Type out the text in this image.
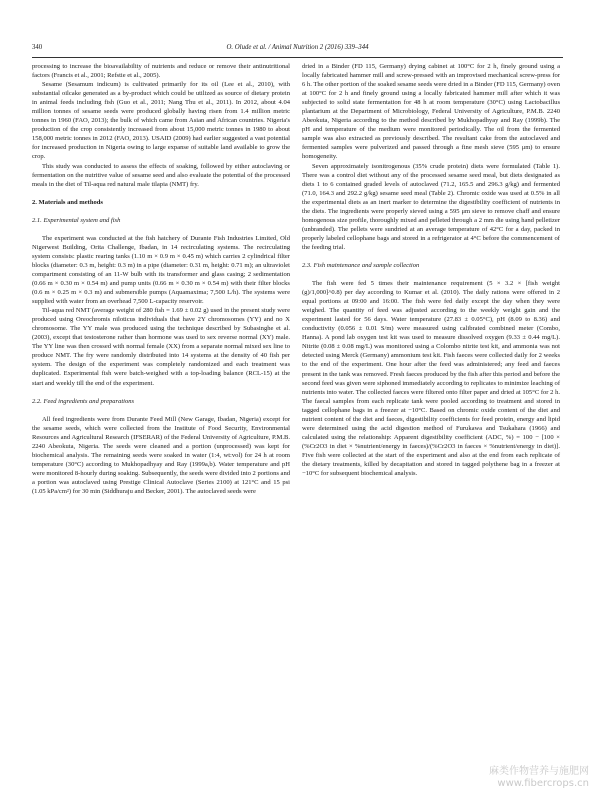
340	O. Olude et al. / Animal Nutrition 2 (2016) 339–344

processing to increase the bioavailability of nutrients and reduce or remove their antinutritional factors (Francis et al., 2001; Refstie et al., 2005).

Sesame (Sesamum indicum) is cultivated primarily for its oil (Lee et al., 2010), with substantial oilcake generated as a by-product which could be utilized as source of dietary protein in animal feeds including fish (Guo et al., 2011; Nang Thu et al., 2011). In 2012, about 4.04 million tonnes of sesame seeds were produced globally having risen from 1.4 million metric tonnes in 1960 (FAO, 2013); the bulk of which came from Asian and African countries. Nigeria's production of the crop consistently increased from about 15,000 metric tonnes in 1980 to about 158,000 metric tonnes in 2012 (FAO, 2013). USAID (2009) had earlier suggested a vast potential for increased production in Nigeria owing to large expanse of suitable land available to grow the crop.

This study was conducted to assess the effects of soaking, followed by either autoclaving or fermentation on the nutritive value of sesame seed and also evaluate the potential of the processed meals in the diet of Til-aqua red natural male tilapia (NMT) fry.

2. Materials and methods

2.1. Experimental system and fish

The experiment was conducted at the fish hatchery of Durante Fish Industries Limited, Old Nigerwest Building, Orita Challenge, Ibadan, in 14 recirculating systems. The recirculating system consists: plastic rearing tanks (1.10 m × 0.9 m × 0.45 m) which carries 2 cylindrical filter blocks (diameter: 0.3 m, height: 0.3 m) in a pipe (diameter: 0.31 m, height: 0.71 m); an ultraviolet compartment consisting of an 11-W bulb with its transformer and glass casing; 2 sedimentation (0.66 m × 0.30 m × 0.54 m) and pump units (0.66 m × 0.30 m × 0.54 m) with their filter blocks (0.6 m × 0.25 m × 0.3 m) and submersible pumps (Aquamaxima; 7,500 L/h). The systems were supplied with water from an overhead 7,500 L-capacity reservoir.

Til-aqua red NMT (average weight of 280 fish = 1.69 ± 0.02 g) used in the present study were produced using Oreochromis niloticus individuals that have 2Y chromosomes (YY) and no X chromosome. The YY male was produced using the technique described by Subasinghe et al. (2003), except that testosterone rather than hormone was used to sex reverse normal (XY) male. The YY line was then crossed with normal female (XX) from a separate normal mixed sex line to produce NMT. The fry were randomly distributed into 14 systems at the density of 40 fish per system. The design of the experiment was completely randomized and each treatment was duplicated. Experimental fish were batch-weighed with a top-loading balance (RCL-15) at the start and weekly till the end of the experiment.

2.2. Feed ingredients and preparations

All feed ingredients were from Durante Feed Mill (New Garage, Ibadan, Nigeria) except for the sesame seeds, which were collected from the Institute of Food Security, Environmental Resources and Agricultural Research (IFSERAR) of the Federal University of Agriculture, P.M.B. 2240 Abeokuta, Nigeria. The seeds were cleaned and a portion (unprocessed) was kept for biochemical analysis. The remaining seeds were soaked in water (1:4, wt:vol) for 24 h at room temperature (30°C) according to Mukhopadhyay and Ray (1999a,b). Water temperature and pH were monitored 8-hourly during soaking. Subsequently, the seeds were divided into 2 portions and a portion was autoclaved using Prestige Clinical Autoclave (Series 2100) at 121°C and 15 psi (1.05 kPa/cm²) for 30 min (Siddhuraju and Becker, 2001). The autoclaved seeds were

dried in a Binder (FD 115, Germany) drying cabinet at 100°C for 2 h, finely ground using a locally fabricated hammer mill and screw-pressed with an improvised mechanical screw-press for 6 h. The other portion of the soaked sesame seeds were dried in a Binder (FD 115, Germany) oven at 100°C for 2 h and finely ground using a locally fabricated hammer mill after which it was subjected to solid state fermentation for 48 h at room temperature (30°C) using Lactobacillus plantarium at the Department of Microbiology, Federal University of Agriculture, P.M.B. 2240 Abeokuta, Nigeria according to the method described by Mukhopadhyay and Ray (1999b). The pH and temperature of the medium were monitored periodically. The oil from the fermented sample was also extracted as previously described. The resultant cake from the autoclaved and fermented samples were pulverized and passed through a fine mesh sieve (595 μm) to ensure homogeneity.

Seven approximately isonitrogenous (35% crude protein) diets were formulated (Table 1). There was a control diet without any of the processed sesame seed meal, but diets designated as diets 1 to 6 contained graded levels of autoclaved (71.2, 165.5 and 296.3 g/kg) and fermented (71.0, 164.3 and 292.2 g/kg) sesame seed meal (Table 2). Chromic oxide was used at 0.5% in all the experimental diets as an inert marker to determine the digestibility coefficient of nutrients in the diets. The ingredients were properly sieved using a 595 μm sieve to remove chaff and ensure homogenous size profile, thoroughly mixed and pelleted through a 2 mm die using hand pelletizer (unbranded). The pellets were sundried at an average temperature of 42°C for a day, packed in properly labeled cellophane bags and stored in a refrigerator at 4°C before the commencement of the feeding trial.

2.3. Fish maintenance and sample collection

The fish were fed 5 times their maintenance requirement (5 × 3.2 × [fish weight (g)/1,000]^0.8) per day according to Kumar et al. (2010). The daily rations were offered in 2 equal portions at 09:00 and 16:00. The fish were fed daily except the day when they were weighed. The quantity of feed was adjusted according to the weekly weight gain and the experiment lasted for 56 days. Water temperature (27.83 ± 0.05°C), pH (8.09 to 8.36) and conductivity (0.056 ± 0.01 S/m) were measured using calibrated combined meter (Combo, Hanna). A pond lab oxygen test kit was used to measure dissolved oxygen (9.33 ± 0.44 mg/L). Nitrite (0.08 ± 0.08 mg/L) was monitored using a Colombo nitrite test kit, and ammonia was not detected using Merck (Germany) ammonium test kit. Fish faeces were collected daily for 2 weeks to the end of the experiment. One hour after the feed was administered; any feed and faeces present in the tank was removed. Fresh faeces produced by the fish after this period and before the second feed was given were siphoned immediately according to replicates to minimize leaching of nutrients into water. The collected faeces were filtered onto filter paper and dried at 105°C for 2 h. The faecal samples from each replicate tank were pooled according to treatment and stored in tagged cellophane bags in a freezer at −10°C. Based on chromic oxide content of the diet and nutrient content of the diet and faeces, digestibility coefficients for feed protein, energy and lipid were determined using the acid digestion method of Furukawa and Tsukahara (1966) and calculated using the relationship: Apparent digestibility coefficient (ADC, %) = 100 − [100 × (%Cr2O3 in diet × %nutrient/energy in faeces)/(%Cr2O3 in faeces × %nutrient/energy in diet)]. Five fish were collected at the start of the experiment and also at the end from each replicate of the dietary treatments, killed by decapitation and stored in tagged polythene bag in a freezer at −10°C for subsequent biochemical analysis.

麻类作物营养与施肥网
www.fibercrops.cn
